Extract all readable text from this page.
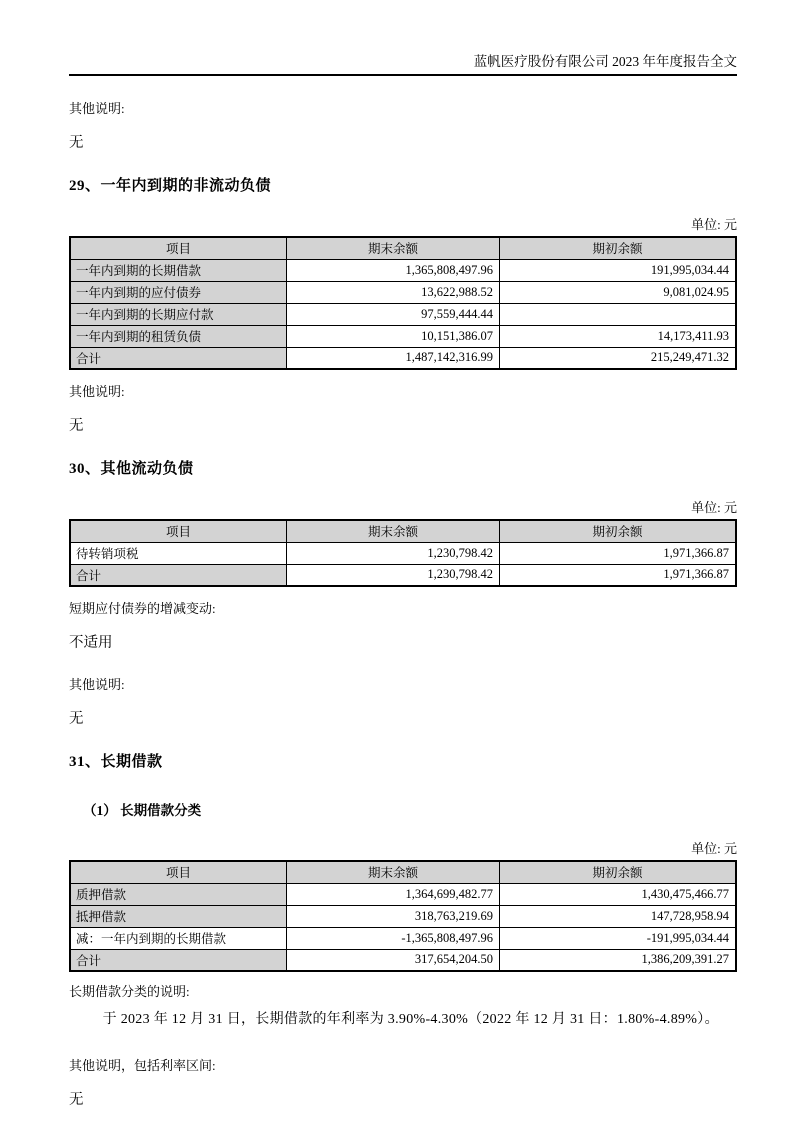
蓝帆医疗股份有限公司 2023 年年度报告全文
其他说明:
无
29、一年内到期的非流动负债
单位: 元
项目	期末余额	期初余额
一年内到期的长期借款	1,365,808,497.96	191,995,034.44
一年内到期的应付债券	13,622,988.52	9,081,024.95
一年内到期的长期应付款	97,559,444.44	
一年内到期的租赁负债	10,151,386.07	14,173,411.93
合计	1,487,142,316.99	215,249,471.32
其他说明:
无
30、其他流动负债
单位: 元
项目	期末余额	期初余额
待转销项税	1,230,798.42	1,971,366.87
合计	1,230,798.42	1,971,366.87
短期应付债券的增减变动:
不适用
其他说明:
无
31、长期借款
（1） 长期借款分类
单位: 元
项目	期末余额	期初余额
质押借款	1,364,699,482.77	1,430,475,466.77
抵押借款	318,763,219.69	147,728,958.94
减：一年内到期的长期借款	-1,365,808,497.96	-191,995,034.44
合计	317,654,204.50	1,386,209,391.27
长期借款分类的说明:
于 2023 年 12 月 31 日，长期借款的年利率为 3.90%-4.30%（2022 年 12 月 31 日：1.80%-4.89%）。
其他说明，包括利率区间:
无
